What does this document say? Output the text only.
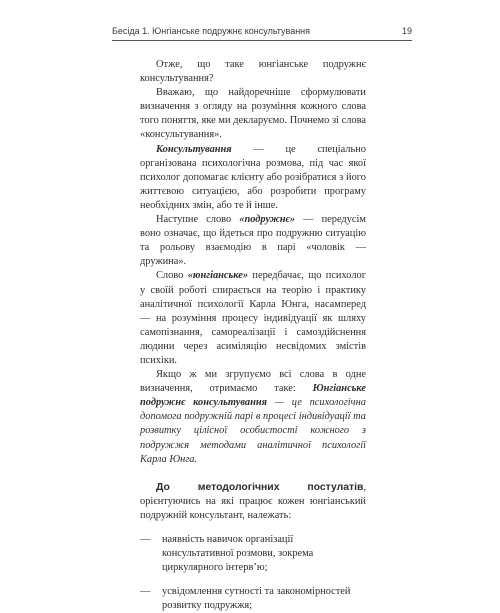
Бесіда 1. Юнгіанське подружнє консультування	19

Отже, що таке юнгіанське подружнє консультування?

Вважаю, що найдоречніше сформулювати визначення з огляду на розуміння кожного слова того поняття, яке ми декларуємо. Почнемо зі слова «консультування».

Консультування — це спеціально організована психологічна розмова, під час якої психолог допомагає клієнту або розібратися з його життєвою ситуацією, або розробити програму необхідних змін, або те й інше.

Наступне слово «подружнє» — передусім воно означає, що йдеться про подружню ситуацію та рольову взаємодію в парі «чоловік — дружина».

Слово «юнгіанське» передбачає, що психолог у своїй роботі спирається на теорію і практику аналітичної психології Карла Юнга, насамперед — на розуміння процесу індивідуації як шляху самопізнання, самореалізації і самоздійснення людини через асиміляцію несвідомих змістів психіки.

Якщо ж ми згрупуємо всі слова в одне визначення, отримаємо таке: Юнгіанське подружнє консультування — це психологічна допомога подружній парі в процесі індивідуації та розвитку цілісної особистості кожного з подружжя методами аналітичної психології Карла Юнга.

До методологічних постулатів, орієнтуючись на які працює кожен юнгіанський подружній консультант, належать:

— наявність навичок організації консультативної розмови, зокрема циркулярного інтерв’ю;
— усвідомлення сутності та закономірностей розвитку подружжя;
